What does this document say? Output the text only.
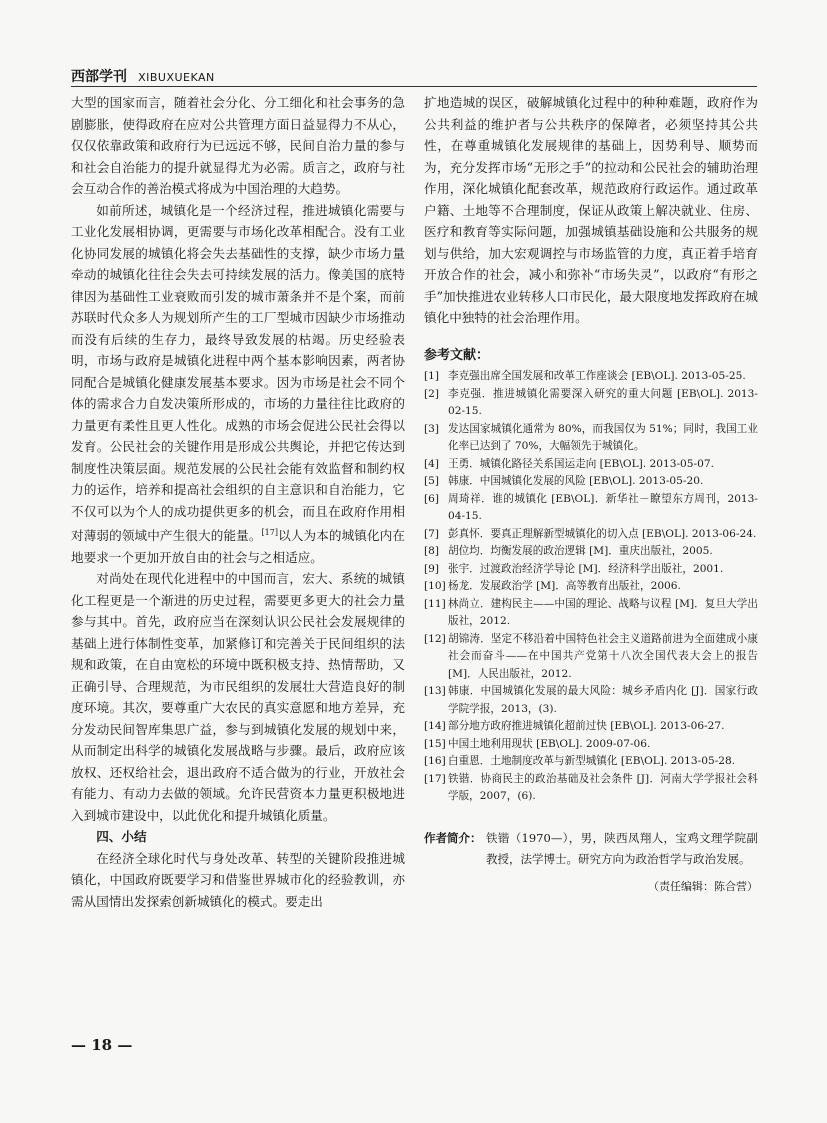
西部学刊 XIBUXUEKAN

大型的国家而言，随着社会分化、分工细化和社会事务的急剧膨胀，使得政府在应对公共管理方面日益显得力不从心，仅仅依靠政策和政府行为已远远不够，民间自治力量的参与和社会自治能力的提升就显得尤为必需。质言之，政府与社会互动合作的善治模式将成为中国治理的大趋势。

如前所述，城镇化是一个经济过程，推进城镇化需要与工业化发展相协调，更需要与市场化改革相配合。没有工业化协同发展的城镇化将会失去基础性的支撑，缺少市场力量牵动的城镇化往往会失去可持续发展的活力。像美国的底特律因为基础性工业衰败而引发的城市萧条并不是个案，而前苏联时代众多人为规划所产生的工厂型城市因缺少市场推动而没有后续的生存力，最终导致发展的枯竭。历史经验表明，市场与政府是城镇化进程中两个基本影响因素，两者协同配合是城镇化健康发展基本要求。因为市场是社会不同个体的需求合力自发决策所形成的，市场的力量往往比政府的力量更有柔性且更人性化。成熟的市场会促进公民社会得以发育。公民社会的关键作用是形成公共舆论，并把它传达到制度性决策层面。规范发展的公民社会能有效监督和制约权力的运作，培养和提高社会组织的自主意识和自治能力，它不仅可以为个人的成功提供更多的机会，而且在政府作用相对薄弱的领域中产生很大的能量。[17]以人为本的城镇化内在地要求一个更加开放自由的社会与之相适应。

对尚处在现代化进程中的中国而言，宏大、系统的城镇化工程更是一个渐进的历史过程，需要更多更大的社会力量参与其中。首先，政府应当在深刻认识公民社会发展规律的基础上进行体制性变革，加紧修订和完善关于民间组织的法规和政策，在自由宽松的环境中既积极支持、热情帮助，又正确引导、合理规范，为市民组织的发展壮大营造良好的制度环境。其次，要尊重广大农民的真实意愿和地方差异，充分发动民间智库集思广益，参与到城镇化发展的规划中来，从而制定出科学的城镇化发展战略与步骤。最后，政府应该放权、还权给社会，退出政府不适合做为的行业，开放社会有能力、有动力去做的领域。允许民营资本力量更积极地进入到城市建设中，以此优化和提升城镇化质量。

四、小结

在经济全球化时代与身处改革、转型的关键阶段推进城镇化，中国政府既要学习和借鉴世界城市化的经验教训，亦需从国情出发探索创新城镇化的模式。要走出

扩地造城的误区，破解城镇化过程中的种种难题，政府作为公共利益的维护者与公共秩序的保障者，必须坚持其公共性，在尊重城镇化发展规律的基础上，因势利导、顺势而为，充分发挥市场“无形之手”的拉动和公民社会的辅助治理作用，深化城镇化配套改革，规范政府行政运作。通过政革户籍、土地等不合理制度，保证从政策上解决就业、住房、医疗和教育等实际问题，加强城镇基础设施和公共服务的规划与供给，加大宏观调控与市场监管的力度，真正着手培育开放合作的社会，减小和弥补“市场失灵”，以政府“有形之手”加快推进农业转移人口市民化，最大限度地发挥政府在城镇化中独特的社会治理作用。

参考文献：
[1] 李克强出席全国发展和改革工作座谈会 [EB\OL]. 2013-05-25.
[2] 李克强．推进城镇化需要深入研究的重大问题 [EB\OL]. 2013-02-15.
[3] 发达国家城镇化通常为 80%，而我国仅为 51%；同时，我国工业化率已达到了 70%，大幅领先于城镇化。
[4] 王勇．城镇化路径关系国运走向 [EB\OL]. 2013-05-07.
[5] 韩康．中国城镇化发展的风险 [EB\OL]. 2013-05-20.
[6] 周琦祥．谁的城镇化 [EB\OL]．新华社－瞭望东方周刊，2013-04-15.
[7] 彭真怀．要真正理解新型城镇化的切入点 [EB\OL]. 2013-06-24.
[8] 胡位均．均衡发展的政治逻辑 [M]．重庆出版社，2005.
[9] 张宇．过渡政治经济学导论 [M]．经济科学出版社，2001.
[10] 杨龙．发展政治学 [M]．高等教育出版社，2006.
[11] 林尚立．建构民主——中国的理论、战略与议程 [M]．复旦大学出版社，2012.
[12] 胡锦涛．坚定不移沿着中国特色社会主义道路前进为全面建成小康社会而奋斗——在中国共产党第十八次全国代表大会上的报告 [M]．人民出版社，2012.
[13] 韩康．中国城镇化发展的最大风险：城乡矛盾内化 [J]．国家行政学院学报，2013，(3).
[14] 部分地方政府推进城镇化超前过快 [EB\OL]. 2013-06-27.
[15] 中国土地利用现状 [EB\OL]. 2009-07-06.
[16] 白重恩．土地制度改革与新型城镇化 [EB\OL]. 2013-05-28.
[17] 铁锴．协商民主的政治基础及社会条件 [J]．河南大学学报社会科学版，2007，(6).
作者简介： 铁锴（1970—），男，陕西凤翔人，宝鸡文理学院副教授，法学博士。研究方向为政治哲学与政治发展。
（责任编辑：陈合营）
— 18 —
